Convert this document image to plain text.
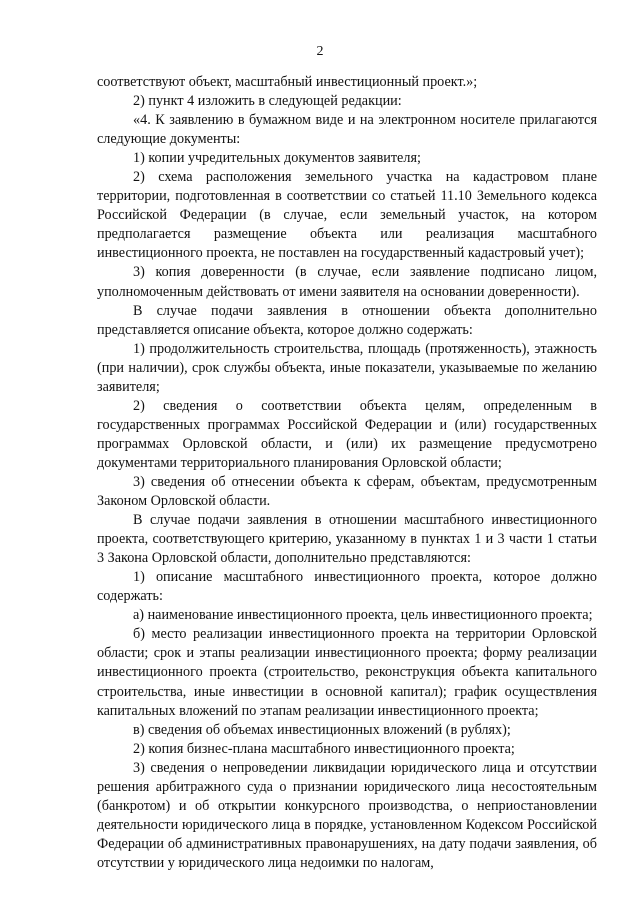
2

соответствуют объект, масштабный инвестиционный проект.»;

2) пункт 4 изложить в следующей редакции:

«4. К заявлению в бумажном виде и на электронном носителе прилагаются следующие документы:

1) копии учредительных документов заявителя;

2) схема расположения земельного участка на кадастровом плане территории, подготовленная в соответствии со статьей 11.10 Земельного кодекса Российской Федерации (в случае, если земельный участок, на котором предполагается размещение объекта или реализация масштабного инвестиционного проекта, не поставлен на государственный кадастровый учет);

3) копия доверенности (в случае, если заявление подписано лицом, уполномоченным действовать от имени заявителя на основании доверенности).

В случае подачи заявления в отношении объекта дополнительно представляется описание объекта, которое должно содержать:

1) продолжительность строительства, площадь (протяженность), этажность (при наличии), срок службы объекта, иные показатели, указываемые по желанию заявителя;

2) сведения о соответствии объекта целям, определенным в государственных программах Российской Федерации и (или) государственных программах Орловской области, и (или) их размещение предусмотрено документами территориального планирования Орловской области;

3) сведения об отнесении объекта к сферам, объектам, предусмотренным Законом Орловской области.

В случае подачи заявления в отношении масштабного инвестиционного проекта, соответствующего критерию, указанному в пунктах 1 и 3 части 1 статьи 3 Закона Орловской области, дополнительно представляются:

1) описание масштабного инвестиционного проекта, которое должно содержать:

а) наименование инвестиционного проекта, цель инвестиционного проекта;

б) место реализации инвестиционного проекта на территории Орловской области; срок и этапы реализации инвестиционного проекта; форму реализации инвестиционного проекта (строительство, реконструкция объекта капитального строительства, иные инвестиции в основной капитал); график осуществления капитальных вложений по этапам реализации инвестиционного проекта;

в) сведения об объемах инвестиционных вложений (в рублях);

2) копия бизнес-плана масштабного инвестиционного проекта;

3) сведения о непроведении ликвидации юридического лица и отсутствии решения арбитражного суда о признании юридического лица несостоятельным (банкротом) и об открытии конкурсного производства, о неприостановлении деятельности юридического лица в порядке, установленном Кодексом Российской Федерации об административных правонарушениях, на дату подачи заявления, об отсутствии у юридического лица недоимки по налогам,
